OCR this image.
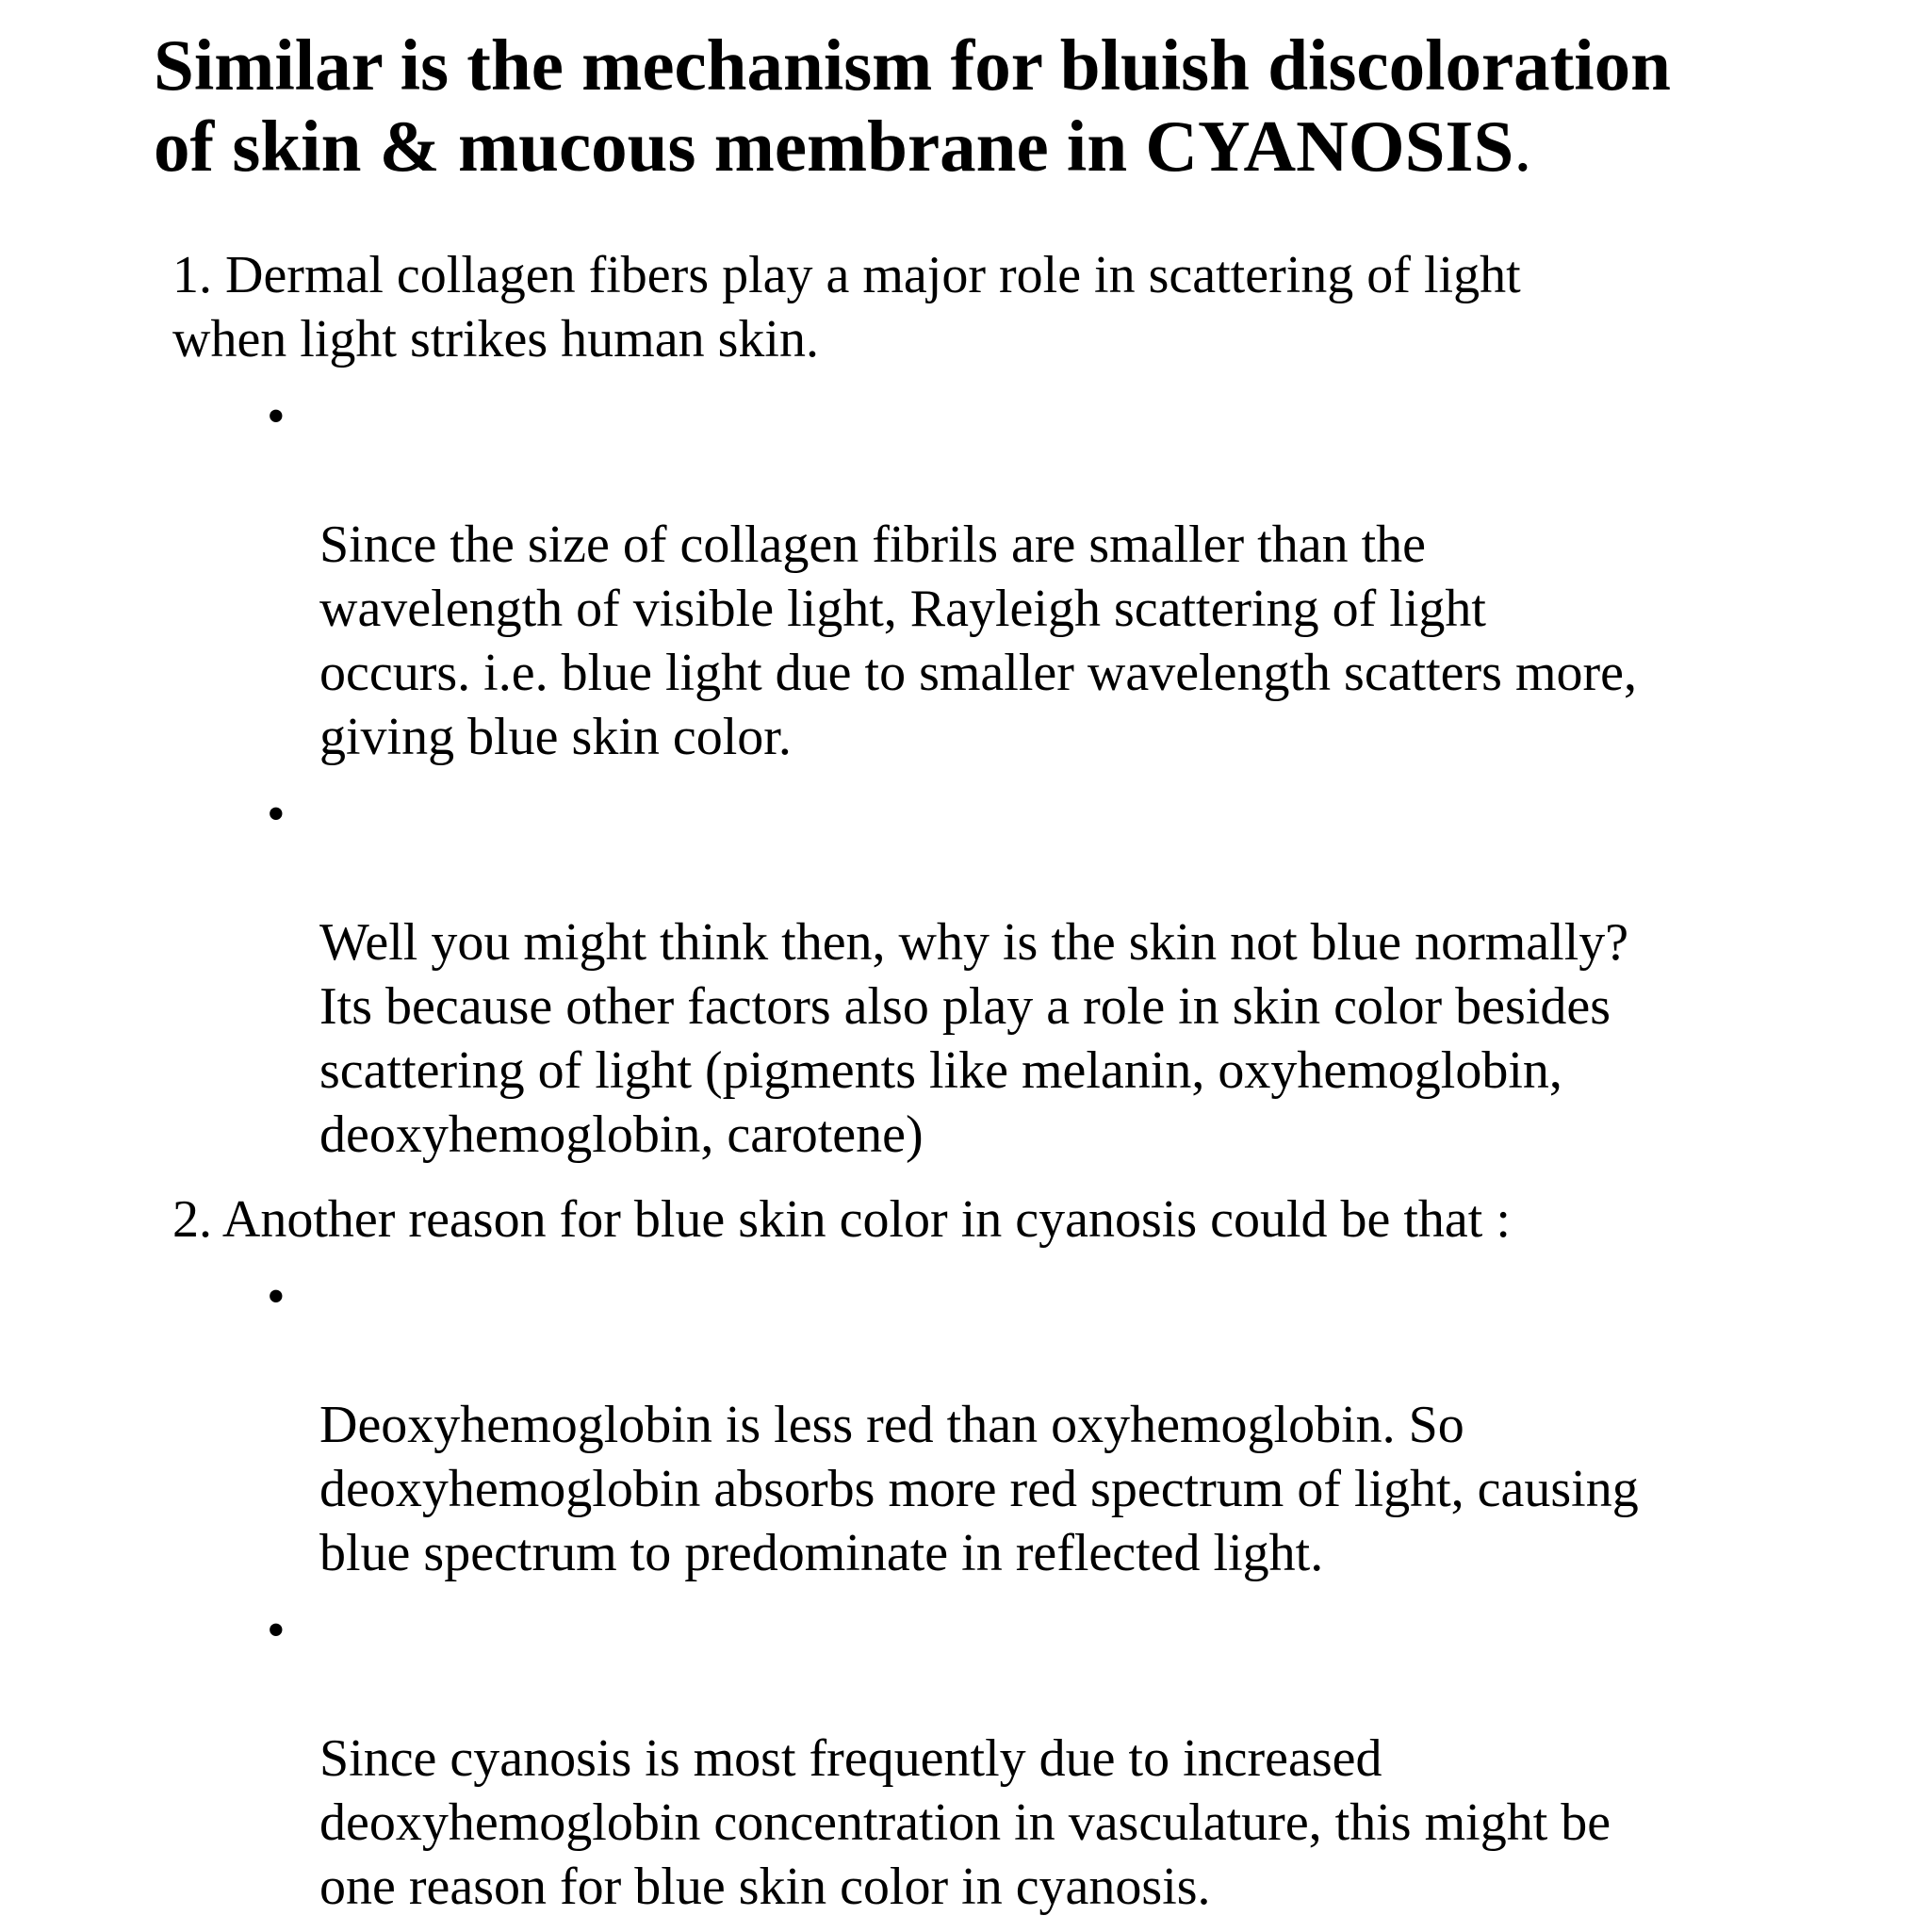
Similar is the mechanism for bluish discoloration
of skin & mucous membrane in CYANOSIS.

1. Dermal collagen fibers play a major role in scattering of light
when light strikes human skin.

•

Since the size of collagen fibrils are smaller than the
wavelength of visible light, Rayleigh scattering of light
occurs. i.e. blue light due to smaller wavelength scatters more,
giving blue skin color.

•

Well you might think then, why is the skin not blue normally?
Its because other factors also play a role in skin color besides
scattering of light (pigments like melanin, oxyhemoglobin,
deoxyhemoglobin, carotene)

2. Another reason for blue skin color in cyanosis could be that :

•

Deoxyhemoglobin is less red than oxyhemoglobin. So
deoxyhemoglobin absorbs more red spectrum of light, causing
blue spectrum to predominate in reflected light.

•

Since cyanosis is most frequently due to increased
deoxyhemoglobin concentration in vasculature, this might be
one reason for blue skin color in cyanosis.
